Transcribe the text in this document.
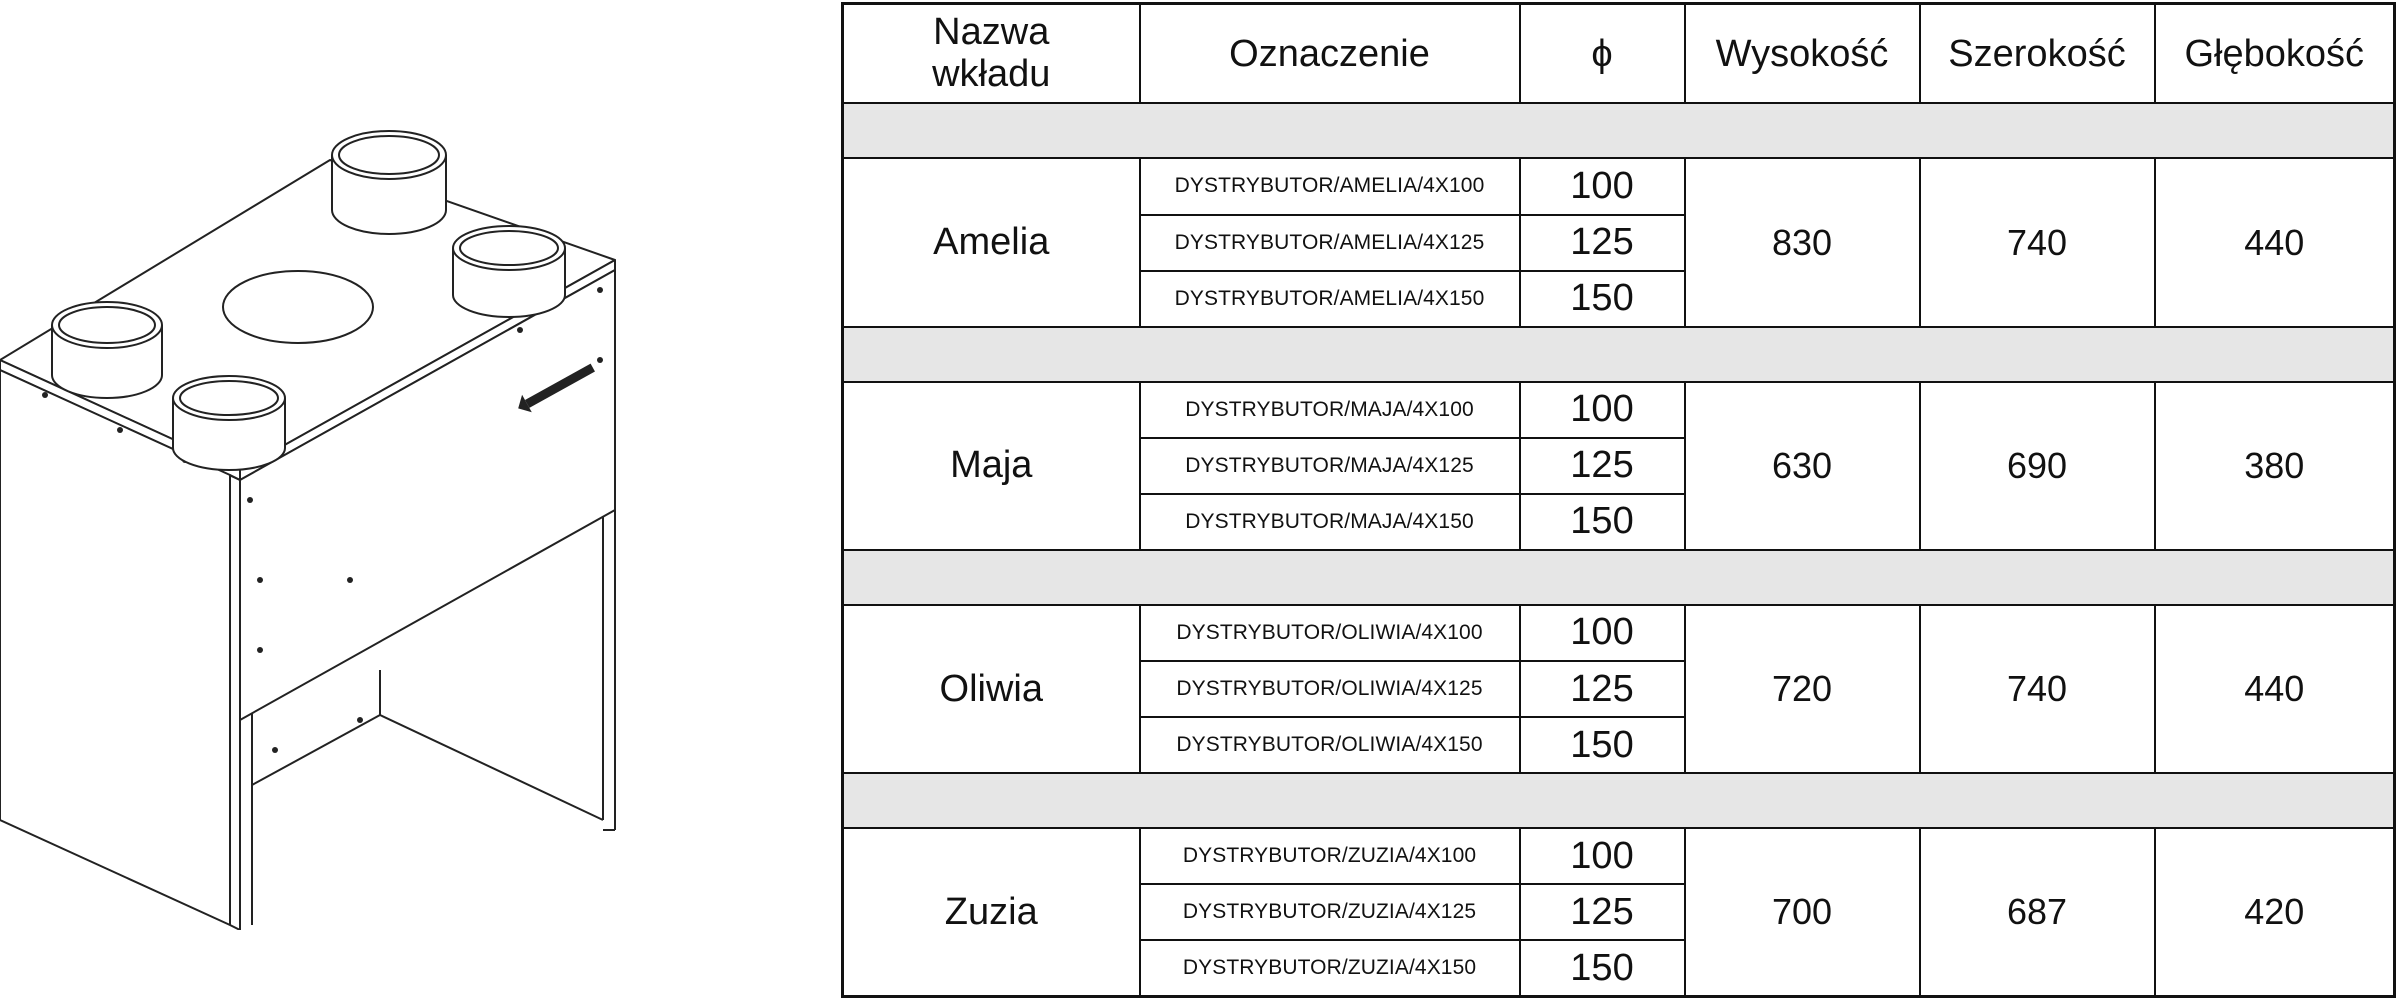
Nazwa
wkładu	Oznaczenie	ϕ	Wysokość	Szerokość	Głębokość

Amelia	DYSTRYBUTOR/AMELIA/4X100	100	830	740	440
	DYSTRYBUTOR/AMELIA/4X125	125			
	DYSTRYBUTOR/AMELIA/4X150	150			

Maja	DYSTRYBUTOR/MAJA/4X100	100	630	690	380
	DYSTRYBUTOR/MAJA/4X125	125			
	DYSTRYBUTOR/MAJA/4X150	150			

Oliwia	DYSTRYBUTOR/OLIWIA/4X100	100	720	740	440
	DYSTRYBUTOR/OLIWIA/4X125	125			
	DYSTRYBUTOR/OLIWIA/4X150	150			

Zuzia	DYSTRYBUTOR/ZUZIA/4X100	100	700	687	420
	DYSTRYBUTOR/ZUZIA/4X125	125			
	DYSTRYBUTOR/ZUZIA/4X150	150			
